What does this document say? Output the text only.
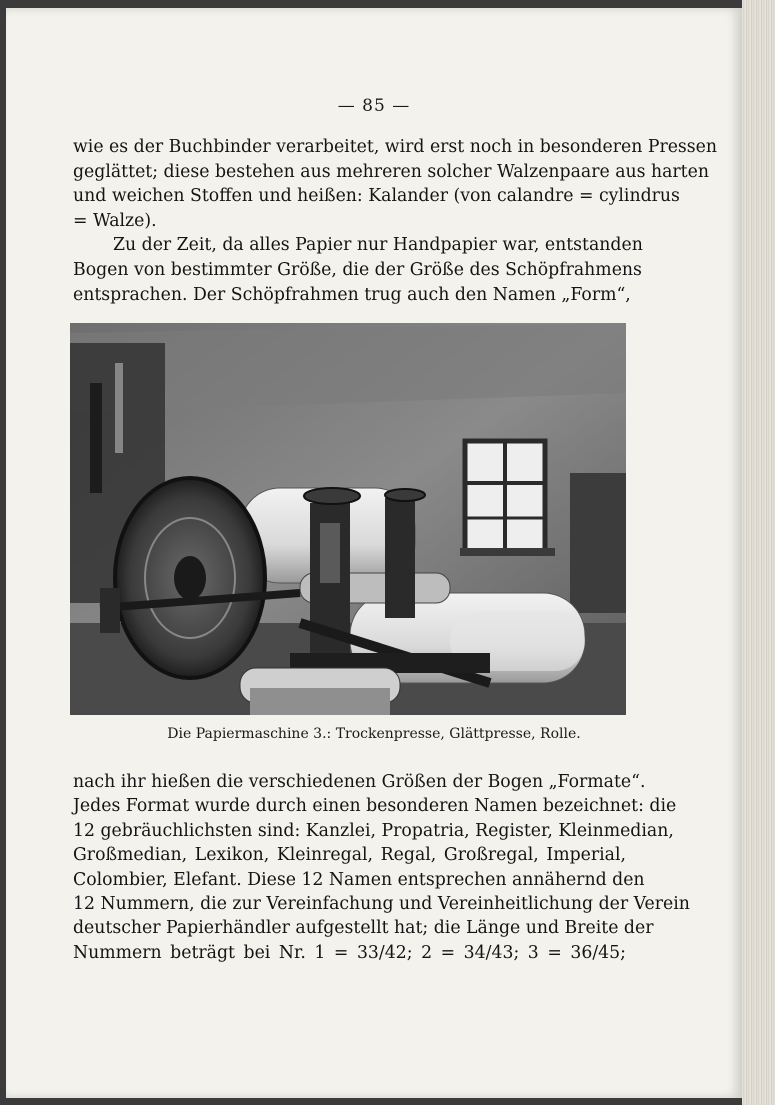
— 85 —
wie es der Buchbinder verarbeitet, wird erst noch in besonderen Pressen
geglättet; diese bestehen aus mehreren solcher Walzenpaare aus harten
und weichen Stoffen und heißen: Kalander (von calandre = cylindrus
= Walze).
Zu der Zeit, da alles Papier nur Handpapier war, entstanden
Bogen von bestimmter Größe, die der Größe des Schöpfrahmens
entsprachen. Der Schöpfrahmen trug auch den Namen „Form“,
Die Papiermaschine 3.: Trockenpresse, Glättpresse, Rolle.
nach ihr hießen die verschiedenen Größen der Bogen „Formate“.
Jedes Format wurde durch einen besonderen Namen bezeichnet: die
12 gebräuchlichsten sind: Kanzlei, Propatria, Register, Kleinmedian,
Großmedian, Lexikon, Kleinregal, Regal, Großregal, Imperial,
Colombier, Elefant. Diese 12 Namen entsprechen annähernd den
12 Nummern, die zur Vereinfachung und Vereinheitlichung der Verein
deutscher Papierhändler aufgestellt hat; die Länge und Breite der
Nummern beträgt bei Nr. 1 = 33/42; 2 = 34/43; 3 = 36/45;
